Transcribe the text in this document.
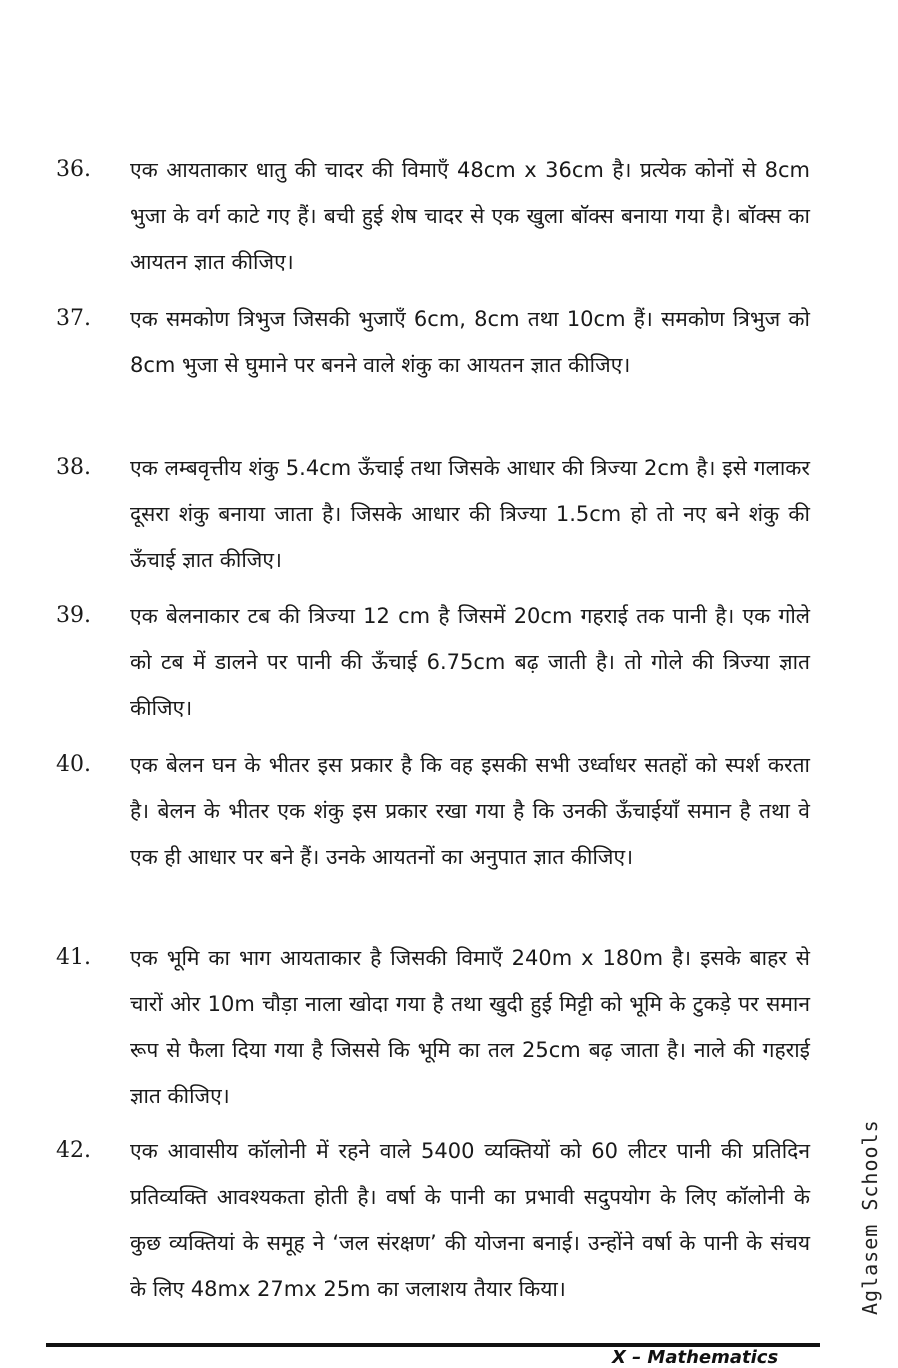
36. एक आयताकार धातु की चादर की विमाएँ 48cm x 36cm है। प्रत्येक कोनों से 8cm भुजा के वर्ग काटे गए हैं। बची हुई शेष चादर से एक खुला बॉक्स बनाया गया है। बॉक्स का आयतन ज्ञात कीजिए।
37. एक समकोण त्रिभुज जिसकी भुजाएँ 6cm, 8cm तथा 10cm हैं। समकोण त्रिभुज को 8cm भुजा से घुमाने पर बनने वाले शंकु का आयतन ज्ञात कीजिए।
38. एक लम्बवृत्तीय शंकु 5.4cm ऊँचाई तथा जिसके आधार की त्रिज्या 2cm है। इसे गलाकर दूसरा शंकु बनाया जाता है। जिसके आधार की त्रिज्या 1.5cm हो तो नए बने शंकु की ऊँचाई ज्ञात कीजिए।
39. एक बेलनाकार टब की त्रिज्या 12 cm है जिसमें 20cm गहराई तक पानी है। एक गोले को टब में डालने पर पानी की ऊँचाई 6.75cm बढ़ जाती है। तो गोले की त्रिज्या ज्ञात कीजिए।
40. एक बेलन घन के भीतर इस प्रकार है कि वह इसकी सभी उर्ध्वाधर सतहों को स्पर्श करता है। बेलन के भीतर एक शंकु इस प्रकार रखा गया है कि उनकी ऊँचाईयाँ समान है तथा वे एक ही आधार पर बने हैं। उनके आयतनों का अनुपात ज्ञात कीजिए।
41. एक भूमि का भाग आयताकार है जिसकी विमाएँ 240m x 180m है। इसके बाहर से चारों ओर 10m चौड़ा नाला खोदा गया है तथा खुदी हुई मिट्टी को भूमि के टुकड़े पर समान रूप से फैला दिया गया है जिससे कि भूमि का तल 25cm बढ़ जाता है। नाले की गहराई ज्ञात कीजिए।
42. एक आवासीय कॉलोनी में रहने वाले 5400 व्यक्तियों को 60 लीटर पानी की प्रतिदिन प्रतिव्यक्ति आवश्यकता होती है। वर्षा के पानी का प्रभावी सदुपयोग के लिए कॉलोनी के कुछ व्यक्तियां के समूह ने ‘जल संरक्षण’ की योजना बनाई। उन्होंने वर्षा के पानी के संचय के लिए 48mx 27mx 25m का जलाशय तैयार किया।	Aglasem Schools
X – Mathematics
